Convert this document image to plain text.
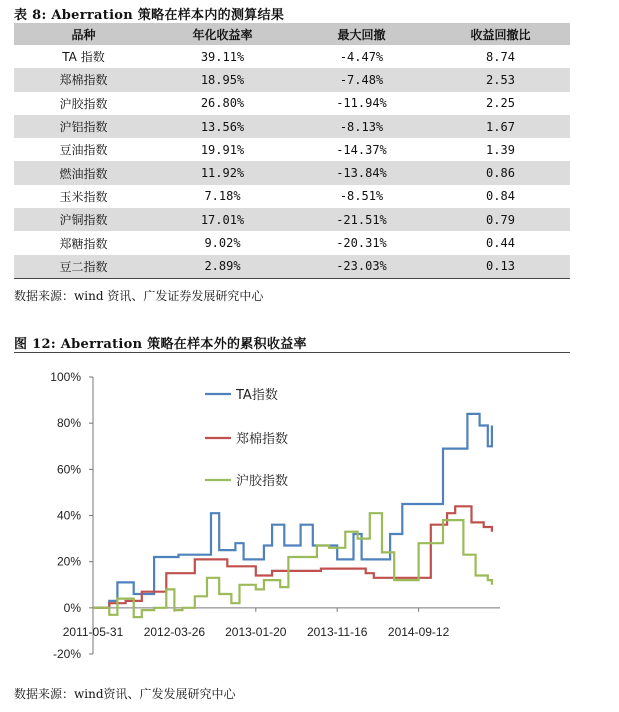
表 8: Aberration 策略在样本内的测算结果
品种	年化收益率	最大回撤	收益回撤比
TA 指数	39.11%	-4.47%	8.74
郑棉指数	18.95%	-7.48%	2.53
沪胶指数	26.80%	-11.94%	2.25
沪铝指数	13.56%	-8.13%	1.67
豆油指数	19.91%	-14.37%	1.39
燃油指数	11.92%	-13.84%	0.86
玉米指数	7.18%	-8.51%	0.84
沪铜指数	17.01%	-21.51%	0.79
郑糖指数	9.02%	-20.31%	0.44
豆二指数	2.89%	-23.03%	0.13
数据来源：wind 资讯、广发证券发展研究中心
图 12: Aberration 策略在样本外的累积收益率
-20%
0%
20%
40%
60%
80%
100%
2011-05-31 2012-03-26 2013-01-20 2013-11-16 2014-09-12
TA指数
郑棉指数
沪胶指数
数据来源：wind资讯、广发发展研究中心
